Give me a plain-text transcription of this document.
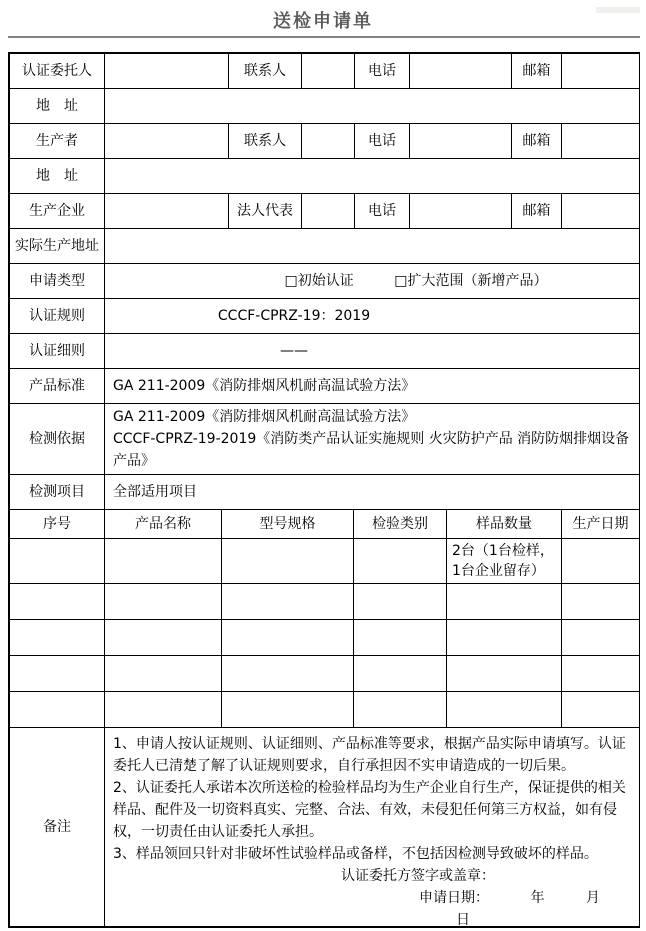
送检申请单
认证委托人		联系人		电话		邮箱	
地　址							
生产者		联系人		电话		邮箱	
地　址							
生产企业		法人代表		电话		邮箱	
实际生产地址							
申请类型	□初始认证 □扩大范围（新增产品）						
认证规则	CCCF-CPRZ-19：2019						
认证细则	——						
产品标准	GA 211-2009《消防排烟风机耐高温试验方法》						
检测依据	GA 211-2009《消防排烟风机耐高温试验方法》
CCCF-CPRZ-19-2019《消防类产品认证实施规则 火灾防护产品 消防防烟排烟设备产品》						

检测项目	全部适用项目						
序号	产品名称	型号规格	检验类别	样品数量	生产日期
				2台（1台检样，1台企业留存）	

备注	
1、申请人按认证规则、认证细则、产品标准等要求，根据产品实际申请填写。认证委托人已清楚了解了认证规则要求，自行承担因不实申请造成的一切后果。
2、认证委托人承诺本次所送检的检验样品均为生产企业自行生产，保证提供的相关样品、配件及一切资料真实、完整、合法、有效，未侵犯任何第三方权益，如有侵权，一切责任由认证委托人承担。
3、样品领回只针对非破坏性试验样品或备样，不包括因检测导致破坏的样品。
认证委托方签字或盖章：
申请日期：	年	月 日
